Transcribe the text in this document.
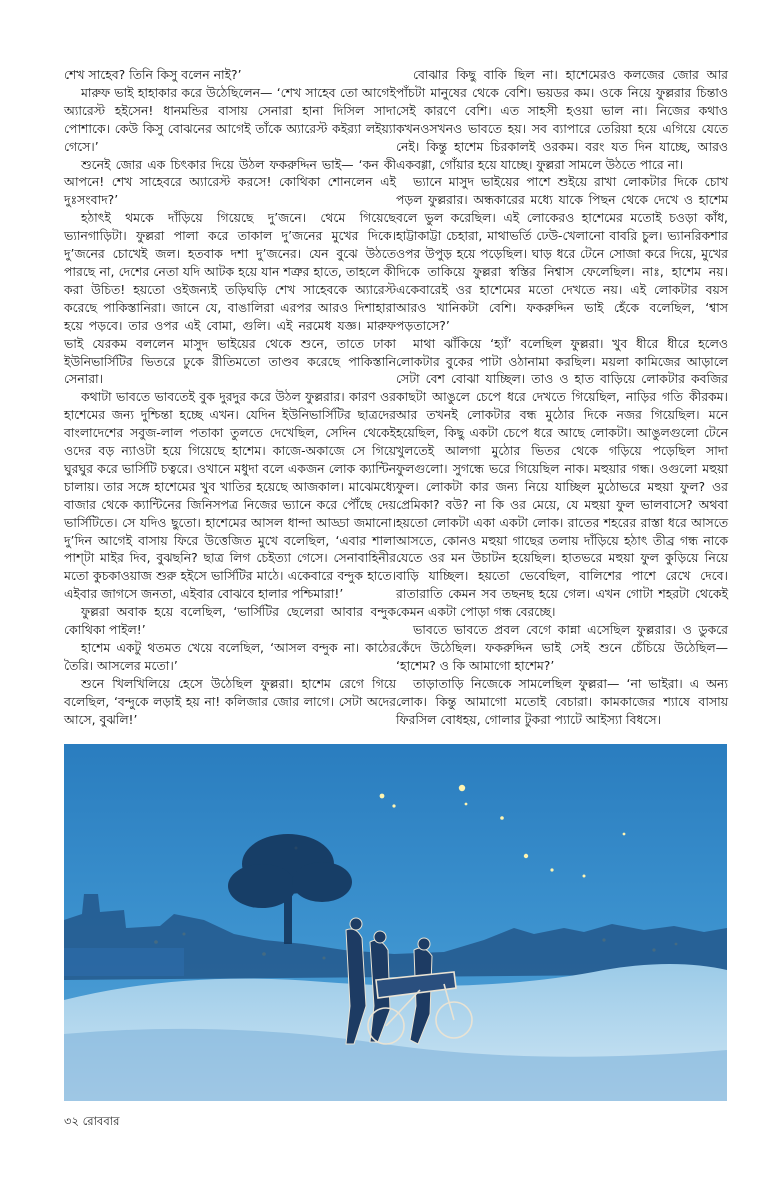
শেখ সাহেব? তিনি কিসু বলেন নাই?’

মারুফ ভাই হাহাকার করে উঠেছিলেন— ‘শেখ সাহেব তো আগেই অ্যারেস্ট হইসেন! ধানমন্ডির বাসায় সেনারা হানা দিসিল সাদা পোশাকে। কেউ কিসু বোঝনের আগেই তাঁকে অ্যারেস্ট কইর‍্যা লইয়্যা গেসে।’

শুনেই জোর এক চিৎকার দিয়ে উঠল ফকরুদ্দিন ভাই— ‘কন কী আপনে! শেখ সাহেবরে অ্যারেস্ট করসে! কোথিকা শোনলেন এই দুঃসংবাদ?’

হঠাৎই থমকে দাঁড়িয়ে গিয়েছে দু’জনে। থেমে গিয়েছে ভ্যানগাড়িটা। ফুল্লরা পালা করে তাকাল দু’জনের মুখের দিকে। দু’জনের চোখেই জল। হতবাক দশা দু’জনের। যেন বুঝে উঠতে পারছে না, দেশের নেতা যদি আটক হয়ে যান শত্রুর হাতে, তাহলে কী করা উচিত! হয়তো ওইজন্যই তড়িঘড়ি শেখ সাহেবকে অ্যারেস্ট করেছে পাকিস্তানিরা। জানে যে, বাঙালিরা এরপর আরও দিশাহারা হয়ে পড়বে। তার ওপর এই বোমা, গুলি। এই নরমেধ যজ্ঞ। মারুফ ভাই যেরকম বললেন মাসুদ ভাইয়ের থেকে শুনে, তাতে ঢাকা ইউনিভার্সিটির ভিতরে ঢুকে রীতিমতো তাণ্ডব করেছে পাকিস্তানি সেনারা।

কথাটা ভাবতে ভাবতেই বুক দুরদুর করে উঠল ফুল্লরার। কারণ ওর হাশেমের জন্য দুশ্চিন্তা হচ্ছে এখন। যেদিন ইউনিভার্সিটির ছাত্রদের বাংলাদেশের সবুজ-লাল পতাকা তুলতে দেখেছিল, সেদিন থেকেই ওদের বড় ন্যাওটা হয়ে গিয়েছে হাশেম। কাজে-অকাজে সে গিয়ে ঘুরঘুর করে ভার্সিটি চত্বরে। ওখানে মধুদা বলে একজন লোক ক্যান্টিন চালায়। তার সঙ্গে হাশেমের খুব খাতির হয়েছে আজকাল। মাঝেমধ্যে বাজার থেকে ক্যান্টিনের জিনিসপত্র নিজের ভ্যানে করে পৌঁছে দেয় ভার্সিটিতে। সে যদিও ছুতো। হাশেমের আসল ধান্দা আড্ডা জমানো। দু’দিন আগেই বাসায় ফিরে উত্তেজিত মুখে বলেছিল, ‘এবার শালা পাশ্টা মাইর দিব, বুঝছনি? ছাত্র লিগ চেইত্যা গেসে। সেনাবাহিনীর মতো কুচকাওয়াজ শুরু হইসে ভার্সিটির মাঠে। একেবারে বন্দুক হাতে। এইবার জাগসে জনতা, এইবার বোঝবে হালার পশ্চিমারা!’

ফুল্লরা অবাক হয়ে বলেছিল, ‘ভার্সিটির ছেলেরা আবার বন্দুক কোথিকা পাইল!’

হাশেম একটু থতমত খেয়ে বলেছিল, ‘আসল বন্দুক না। কাঠের তৈরি। আসলের মতো।’

শুনে খিলখিলিয়ে হেসে উঠেছিল ফুল্লরা। হাশেম রেগে গিয়ে বলেছিল, ‘বন্দুকে লড়াই হয় না! কলিজার জোর লাগে। সেটা অদের আসে, বুঝলি!’

বোঝার কিছু বাকি ছিল না। হাশেমেরও কলজের জোর আর পাঁচটা মানুষের থেকে বেশি। ভয়ডর কম। ওকে নিয়ে ফুল্লরার চিন্তাও সেই কারণে বেশি। এত সাহসী হওয়া ভাল না। নিজের কথাও কখনওসখনও ভাবতে হয়। সব ব্যাপারে তেরিয়া হয়ে এগিয়ে যেতে নেই। কিন্তু হাশেম চিরকালই ওরকম। বরং যত দিন যাচ্ছে, আরও একবগ্গা, গোঁয়ার হয়ে যাচ্ছে। ফুল্লরা সামলে উঠতে পারে না।

ভ্যানে মাসুদ ভাইয়ের পাশে শুইয়ে রাখা লোকটার দিকে চোখ পড়ল ফুল্লরার। অন্ধকারের মধ্যে যাকে পিছন থেকে দেখে ও হাশেম বলে ভুল করেছিল। এই লোকেরও হাশেমের মতোই চওড়া কাঁধ, হাট্টাকাট্টা চেহারা, মাথাভর্তি ঢেউ-খেলানো বাবরি চুল। ভ্যানরিকশার ওপর উপুড় হয়ে পড়েছিল। ঘাড় ধরে টেনে সোজা করে দিয়ে, মুখের দিকে তাকিয়ে ফুল্লরা স্বস্তির নিশ্বাস ফেলেছিল। নাঃ, হাশেম নয়। একেবারেই ওর হাশেমের মতো দেখতে নয়। এই লোকটার বয়স আরও খানিকটা বেশি। ফকরুদ্দিন ভাই হেঁকে বলেছিল, ‘শ্বাস পড়তাসে?’

মাথা ঝাঁকিয়ে ‘হ্যাঁ’ বলেছিল ফুল্লরা। খুব ধীরে ধীরে হলেও লোকটার বুকের পাটা ওঠানামা করছিল। ময়লা কামিজের আড়ালে সেটা বেশ বোঝা যাচ্ছিল। তাও ও হাত বাড়িয়ে লোকটার কবজির কাছটা আঙুলে চেপে ধরে দেখতে গিয়েছিল, নাড়ির গতি কীরকম। আর তখনই লোকটার বন্ধ মুঠোর দিকে নজর গিয়েছিল। মনে হয়েছিল, কিছু একটা চেপে ধরে আছে লোকটা। আঙুলগুলো টেনে খুলতেই আলগা মুঠোর ভিতর থেকে গড়িয়ে পড়েছিল সাদা ফুলগুলো। সুগন্ধে ভরে গিয়েছিল নাক। মহুয়ার গন্ধ। ওগুলো মহুয়া ফুল। লোকটা কার জন্য নিয়ে যাচ্ছিল মুঠোভরে মহুয়া ফুল? ওর প্রেমিকা? বউ? না কি ওর মেয়ে, যে মহুয়া ফুল ভালবাসে? অথবা হয়তো লোকটা একা একটা লোক। রাতের শহরের রাস্তা ধরে আসতে আসতে, কোনও মহুয়া গাছের তলায় দাঁড়িয়ে হঠাৎ তীব্র গন্ধ নাকে যেতে ওর মন উচাটন হয়েছিল। হাতভরে মহুয়া ফুল কুড়িয়ে নিয়ে বাড়ি যাচ্ছিল। হয়তো ভেবেছিল, বালিশের পাশে রেখে দেবে। রাতারাতি কেমন সব তছনছ হয়ে গেল। এখন গোটা শহরটা থেকেই কেমন একটা পোড়া গন্ধ বেরচ্ছে।

ভাবতে ভাবতে প্রবল বেগে কান্না এসেছিল ফুল্লরার। ও ডুকরে কেঁদে উঠেছিল। ফকরুদ্দিন ভাই সেই শুনে চেঁচিয়ে উঠেছিল— ‘হাশেম? ও কি আমাগো হাশেম?’

তাড়াতাড়ি নিজেকে সামলেছিল ফুল্লরা— ‘না ভাইরা। এ অন্য লোক। কিন্তু আমাগো মতোই বেচারা। কামকাজের শ্যাষে বাসায় ফিরসিল বোধহয়, গোলার টুকরা প্যাটে আইস্যা বিধসে।

৩২ রোববার
